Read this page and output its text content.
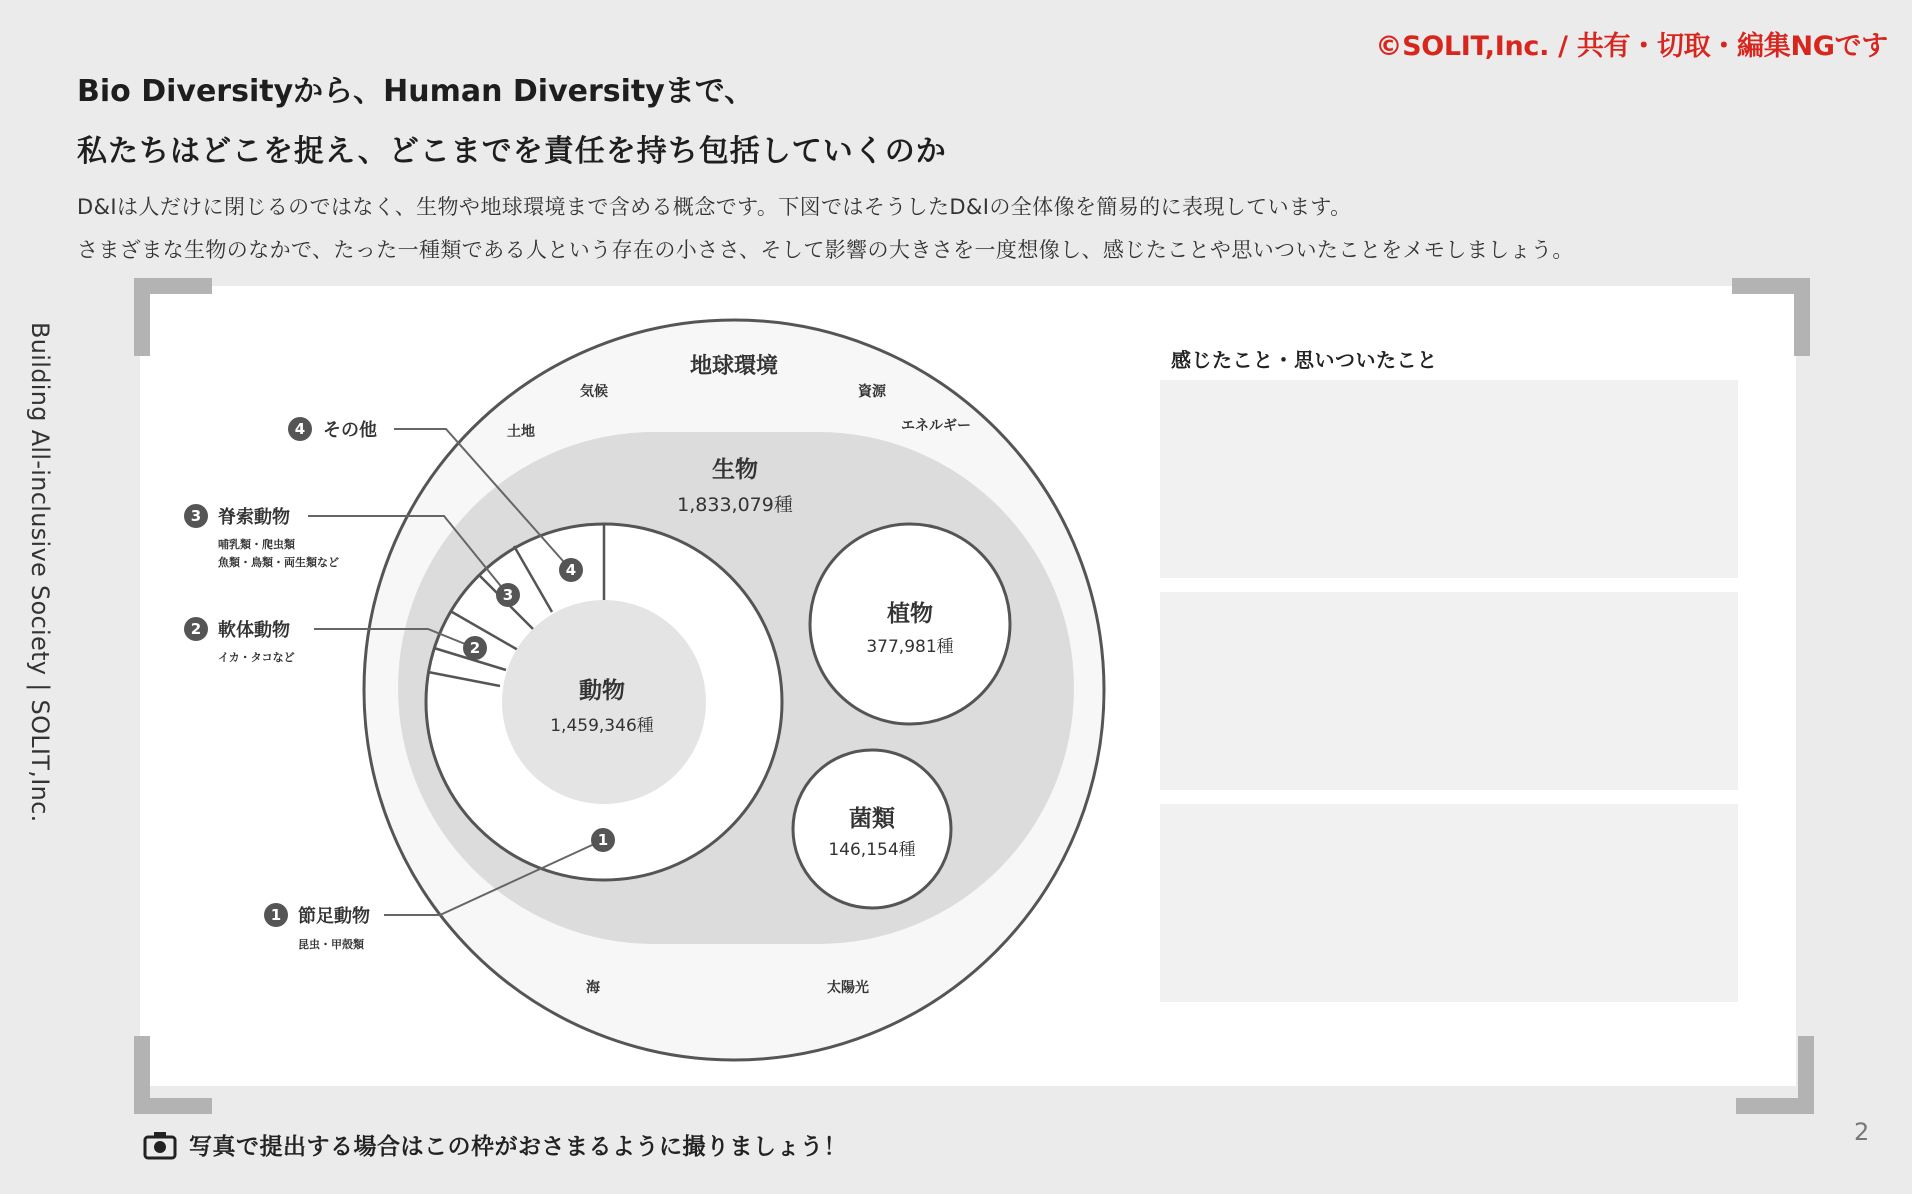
©SOLIT,Inc. / 共有・切取・編集NGです
Bio Diversityから、Human Diversityまで、
私たちはどこを捉え、どこまでを責任を持ち包括していくのか
D&Iは人だけに閉じるのではなく、生物や地球環境まで含める概念です。下図ではそうしたD&Iの全体像を簡易的に表現しています。
さまざまな生物のなかで、たった一種類である人という存在の小ささ、そして影響の大きさを一度想像し、感じたことや思いついたことをメモしましょう。
Building All-inclusive Society | SOLIT,Inc.	4
3
2
1
4 その他
3 脊索動物
哺乳類・爬虫類
魚類・鳥類・両生類など
2 軟体動物
イカ・タコなど
1 節足動物
昆虫・甲殻類
地球環境
気候	資源
土地	エネルギー
海	太陽光
生物
1,833,079種
動物
1,459,346種
植物
377,981種
菌類
146,154種
感じたこと・思いついたこと
写真で提出する場合はこの枠がおさまるように撮りましょう！
2
